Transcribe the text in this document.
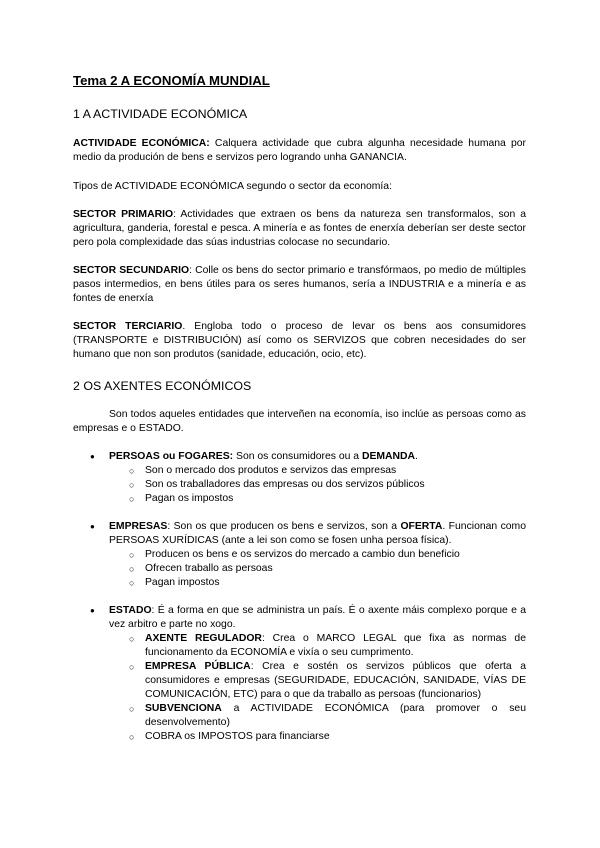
Tema 2 A ECONOMÍA MUNDIAL
1 A ACTIVIDADE ECONÓMICA

ACTIVIDADE ECONÓMICA: Calquera actividade que cubra algunha necesidade humana por medio da produción de bens e servizos pero logrando unha GANANCIA.

Tipos de ACTIVIDADE ECONÓMICA segundo o sector da economía:

SECTOR PRIMARIO: Actividades que extraen os bens da natureza sen transformalos, son a agricultura, ganderia, forestal e pesca. A minería e as fontes de enerxía deberían ser deste sector pero pola complexidade das súas industrias colocase no secundario.

SECTOR SECUNDARIO: Colle os bens do sector primario e transfórmaos, po medio de múltiples pasos intermedios, en bens útiles para os seres humanos, sería a INDUSTRIA e a minería e as fontes de enerxía

SECTOR TERCIARIO. Engloba todo o proceso de levar os bens aos consumidores (TRANSPORTE e DISTRIBUCIÓN) así como os SERVIZOS que cobren necesidades do ser humano que non son produtos (sanidade, educación, ocio, etc).

2 OS AXENTES ECONÓMICOS

Son todos aqueles entidades que interveñen na economía, iso inclúe as persoas como as empresas e o ESTADO.

● PERSOAS ou FOGARES: Son os consumidores ou a DEMANDA.
○ Son o mercado dos produtos e servizos das empresas
○ Son os traballadores das empresas ou dos servizos públicos
○ Pagan os impostos
● EMPRESAS: Son os que producen os bens e servizos, son a OFERTA. Funcionan como PERSOAS XURÍDICAS (ante a lei son como se fosen unha persoa física).
○ Producen os bens e os servizos do mercado a cambio dun beneficio
○ Ofrecen traballo as persoas
○ Pagan impostos
● ESTADO: É a forma en que se administra un país. É o axente máis complexo porque e a vez arbitro e parte no xogo.
○ AXENTE REGULADOR: Crea o MARCO LEGAL que fixa as normas de funcionamento da ECONOMÍA e vixía o seu cumprimento.
○ EMPRESA PÚBLICA: Crea e sostén os servizos públicos que oferta a consumidores e empresas (SEGURIDADE, EDUCACIÓN, SANIDADE, VÍAS DE COMUNICACIÓN, ETC) para o que da traballo as persoas (funcionarios)
○ SUBVENCIONA a ACTIVIDADE ECONÓMICA (para promover o seu desenvolvemento)
○ COBRA os IMPOSTOS para financiarse
